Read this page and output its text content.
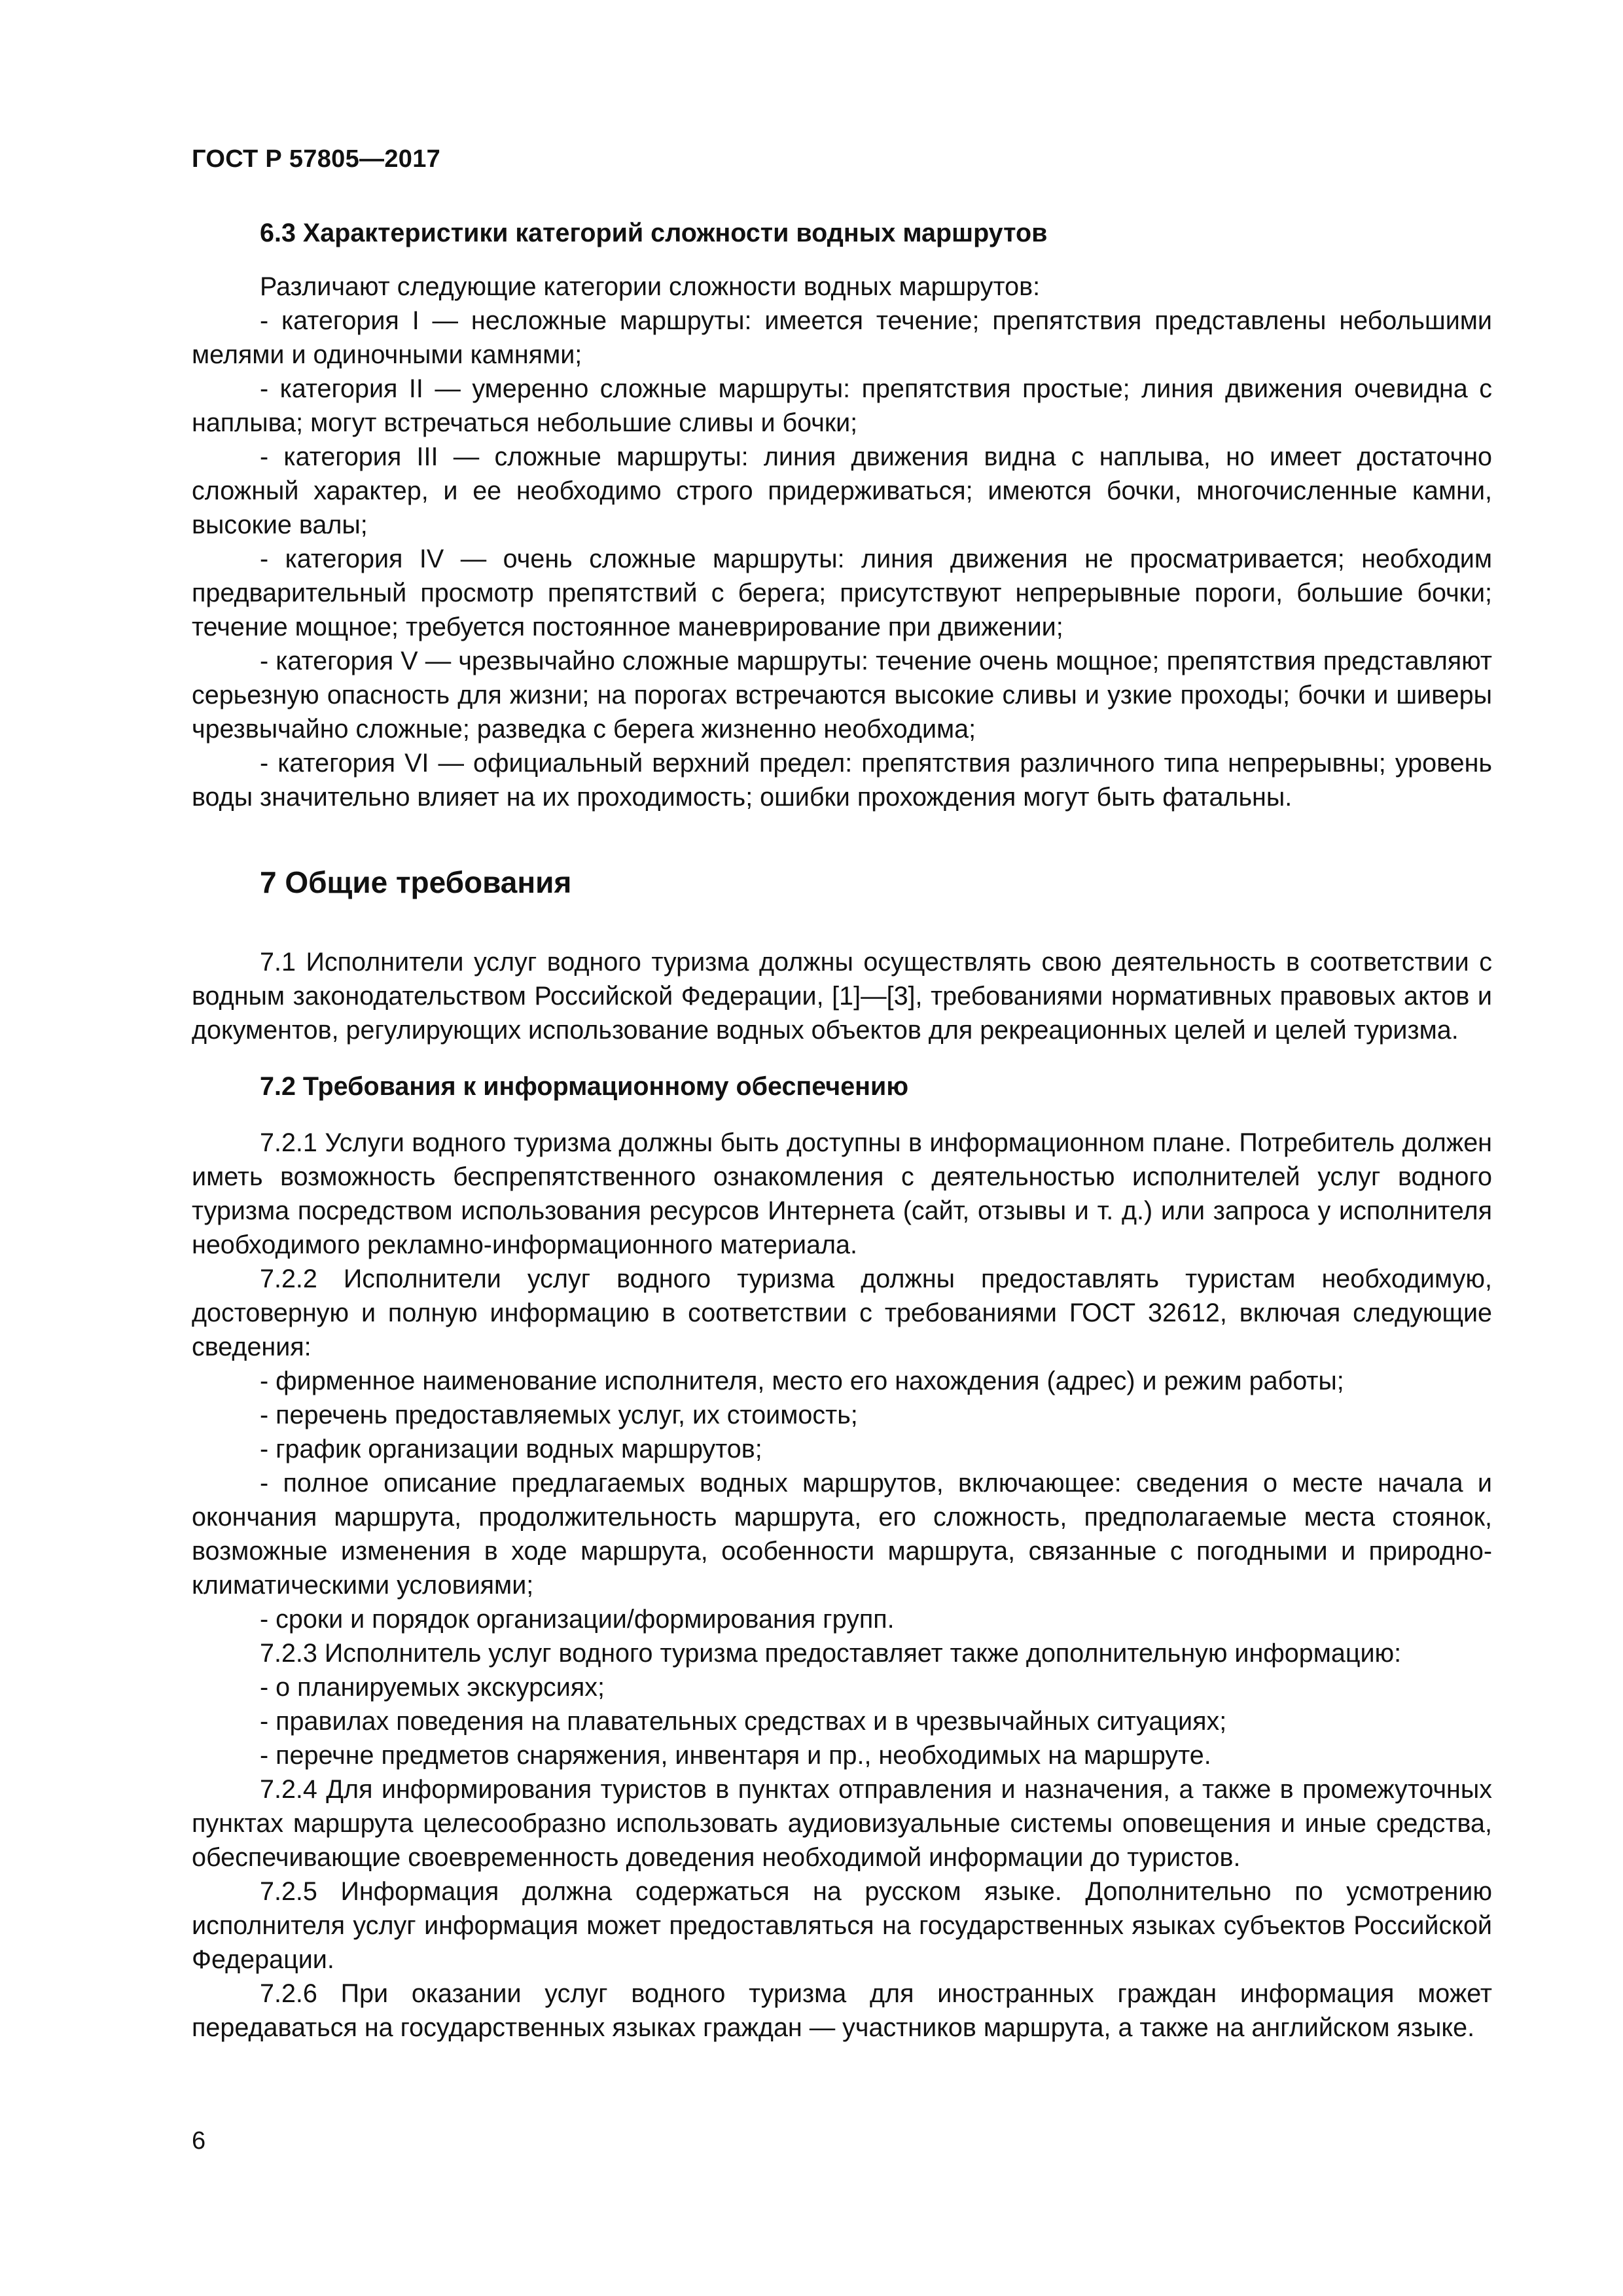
ГОСТ Р 57805—2017

6.3 Характеристики категорий сложности водных маршрутов

Различают следующие категории сложности водных маршрутов:

- категория I — несложные маршруты: имеется течение; препятствия представлены небольшими мелями и одиночными камнями;

- категория II — умеренно сложные маршруты: препятствия простые; линия движения очевидна с наплыва; могут встречаться небольшие сливы и бочки;

- категория III — сложные маршруты: линия движения видна с наплыва, но имеет достаточно сложный характер, и ее необходимо строго придерживаться; имеются бочки, многочисленные камни, высокие валы;

- категория IV — очень сложные маршруты: линия движения не просматривается; необходим предварительный просмотр препятствий с берега; присутствуют непрерывные пороги, большие бочки; течение мощное; требуется постоянное маневрирование при движении;

- категория V — чрезвычайно сложные маршруты: течение очень мощное; препятствия представляют серьезную опасность для жизни; на порогах встречаются высокие сливы и узкие проходы; бочки и шиверы чрезвычайно сложные; разведка с берега жизненно необходима;

- категория VI — официальный верхний предел: препятствия различного типа непрерывны; уровень воды значительно влияет на их проходимость; ошибки прохождения могут быть фатальны.

7 Общие требования

7.1 Исполнители услуг водного туризма должны осуществлять свою деятельность в соответствии с водным законодательством Российской Федерации, [1]—[3], требованиями нормативных правовых актов и документов, регулирующих использование водных объектов для рекреационных целей и целей туризма.

7.2 Требования к информационному обеспечению

7.2.1 Услуги водного туризма должны быть доступны в информационном плане. Потребитель должен иметь возможность беспрепятственного ознакомления с деятельностью исполнителей услуг водного туризма посредством использования ресурсов Интернета (сайт, отзывы и т. д.) или запроса у исполнителя необходимого рекламно-информационного материала.

7.2.2 Исполнители услуг водного туризма должны предоставлять туристам необходимую, достоверную и полную информацию в соответствии с требованиями ГОСТ 32612, включая следующие сведения:

- фирменное наименование исполнителя, место его нахождения (адрес) и режим работы;

- перечень предоставляемых услуг, их стоимость;

- график организации водных маршрутов;

- полное описание предлагаемых водных маршрутов, включающее: сведения о месте начала и окончания маршрута, продолжительность маршрута, его сложность, предполагаемые места стоянок, возможные изменения в ходе маршрута, особенности маршрута, связанные с погодными и природно-климатическими условиями;

- сроки и порядок организации/формирования групп.

7.2.3 Исполнитель услуг водного туризма предоставляет также дополнительную информацию:

- о планируемых экскурсиях;

- правилах поведения на плавательных средствах и в чрезвычайных ситуациях;

- перечне предметов снаряжения, инвентаря и пр., необходимых на маршруте.

7.2.4 Для информирования туристов в пунктах отправления и назначения, а также в промежуточных пунктах маршрута целесообразно использовать аудиовизуальные системы оповещения и иные средства, обеспечивающие своевременность доведения необходимой информации до туристов.

7.2.5 Информация должна содержаться на русском языке. Дополнительно по усмотрению исполнителя услуг информация может предоставляться на государственных языках субъектов Российской Федерации.

7.2.6 При оказании услуг водного туризма для иностранных граждан информация может передаваться на государственных языках граждан — участников маршрута, а также на английском языке.

6
